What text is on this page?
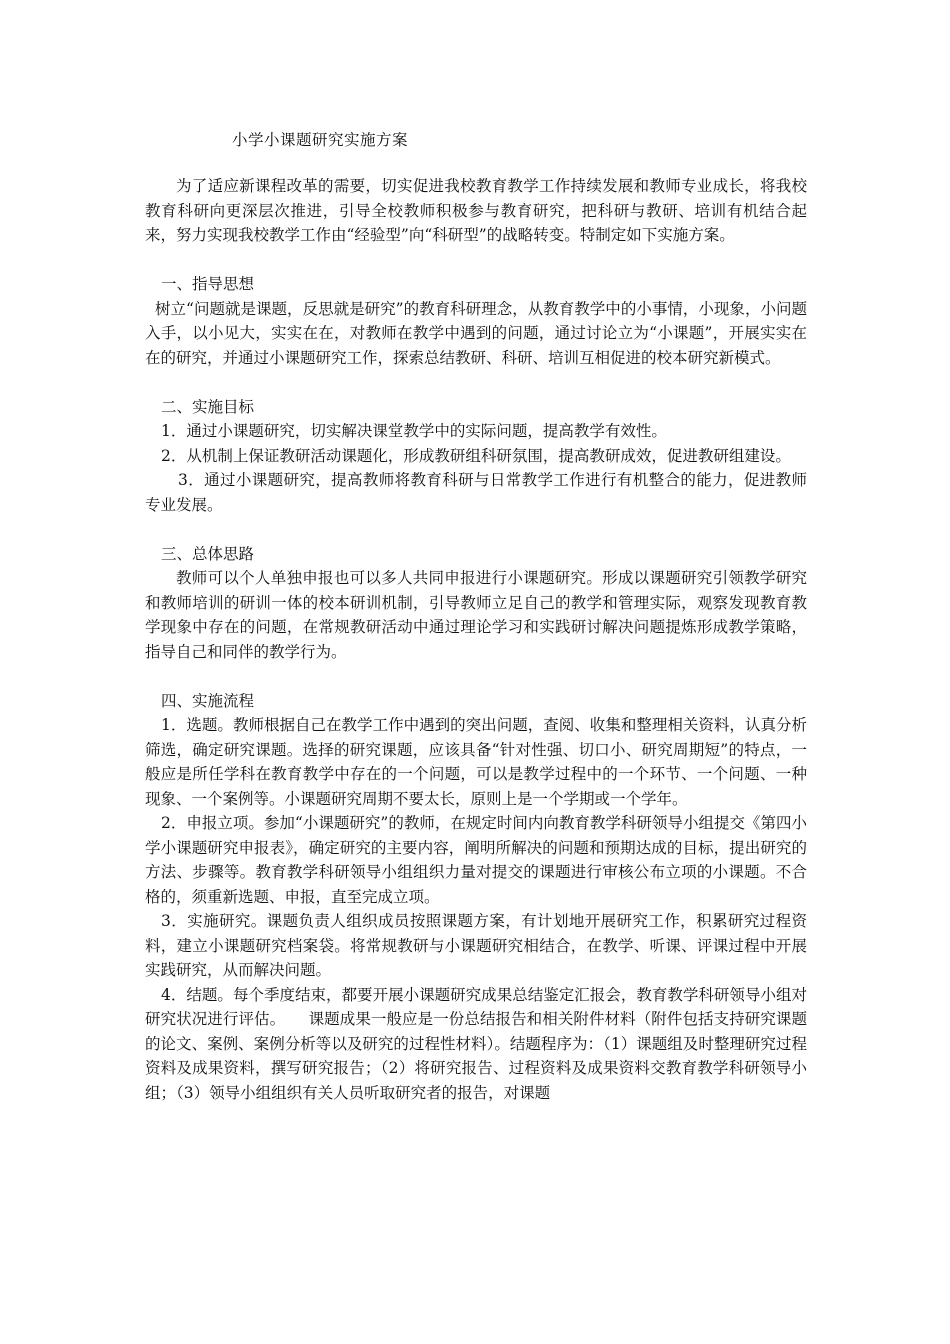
小学小课题研究实施方案

为了适应新课程改革的需要，切实促进我校教育教学工作持续发展和教师专业成长，将我校教育科研向更深层次推进，引导全校教师积极参与教育研究，把科研与教研、培训有机结合起来，努力实现我校教学工作由“经验型”向“科研型”的战略转变。特制定如下实施方案。

一、指导思想

树立“问题就是课题，反思就是研究”的教育科研理念，从教育教学中的小事情，小现象，小问题入手，以小见大，实实在在，对教师在教学中遇到的问题，通过讨论立为“小课题”，开展实实在在的研究，并通过小课题研究工作，探索总结教研、科研、培训互相促进的校本研究新模式。

二、实施目标

1．通过小课题研究，切实解决课堂教学中的实际问题，提高教学有效性。

2．从机制上保证教研活动课题化，形成教研组科研氛围，提高教研成效，促进教研组建设。

3．通过小课题研究，提高教师将教育科研与日常教学工作进行有机整合的能力，促进教师专业发展。

三、总体思路

教师可以个人单独申报也可以多人共同申报进行小课题研究。形成以课题研究引领教学研究和教师培训的研训一体的校本研训机制，引导教师立足自己的教学和管理实际，观察发现教育教学现象中存在的问题，在常规教研活动中通过理论学习和实践研讨解决问题提炼形成教学策略，指导自己和同伴的教学行为。

四、实施流程

1．选题。教师根据自己在教学工作中遇到的突出问题，查阅、收集和整理相关资料，认真分析筛选，确定研究课题。选择的研究课题，应该具备“针对性强、切口小、研究周期短”的特点，一般应是所任学科在教育教学中存在的一个问题，可以是教学过程中的一个环节、一个问题、一种现象、一个案例等。小课题研究周期不要太长，原则上是一个学期或一个学年。

2．申报立项。参加“小课题研究”的教师，在规定时间内向教育教学科研领导小组提交《第四小学小课题研究申报表》，确定研究的主要内容，阐明所解决的问题和预期达成的目标，提出研究的方法、步骤等。教育教学科研领导小组组织力量对提交的课题进行审核公布立项的小课题。不合格的，须重新选题、申报，直至完成立项。

3．实施研究。课题负责人组织成员按照课题方案，有计划地开展研究工作，积累研究过程资料，建立小课题研究档案袋。将常规教研与小课题研究相结合，在教学、听课、评课过程中开展实践研究，从而解决问题。

4．结题。每个季度结束，都要开展小课题研究成果总结鉴定汇报会，教育教学科研领导小组对研究状况进行评估。　　课题成果一般应是一份总结报告和相关附件材料（附件包括支持研究课题的论文、案例、案例分析等以及研究的过程性材料）。结题程序为：（1）课题组及时整理研究过程资料及成果资料，撰写研究报告；（2）将研究报告、过程资料及成果资料交教育教学科研领导小组；（3）领导小组组织有关人员听取研究者的报告，对课题
